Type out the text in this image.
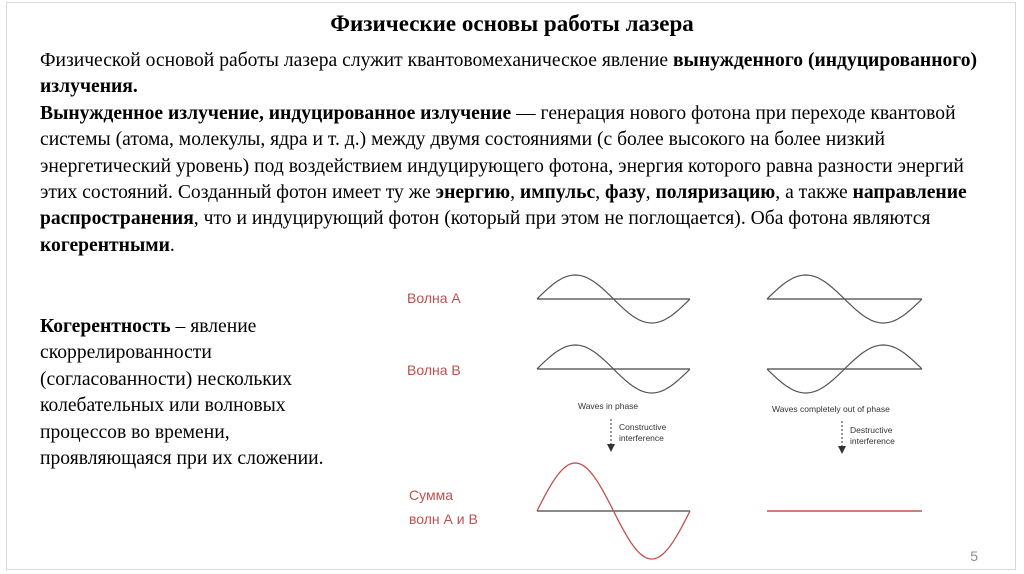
Физические основы работы лазера

Физической основой работы лазера служит квантовомеханическое явление вынужденного (индуцированного) излучения.

Вынужденное излучение, индуцированное излучение — генерация нового фотона при переходе квантовой системы (атома, молекулы, ядра и т. д.) между двумя состояниями (с более высокого на более низкий энергетический уровень) под воздействием индуцирующего фотона, энергия которого равна разности энергий этих состояний. Созданный фотон имеет ту же энергию, импульс, фазу, поляризацию, а также направление распространения, что и индуцирующий фотон (который при этом не поглощается). Оба фотона являются когерентными.

Когерентность – явление скоррелированности (согласованности) нескольких колебательных или волновых процессов во времени, проявляющаяся при их сложении.
Волна А
Волна В
Сумма
волн А и В
Waves in phase	Waves completely out of phase
Constructive
interference
Destructive
interference
5
